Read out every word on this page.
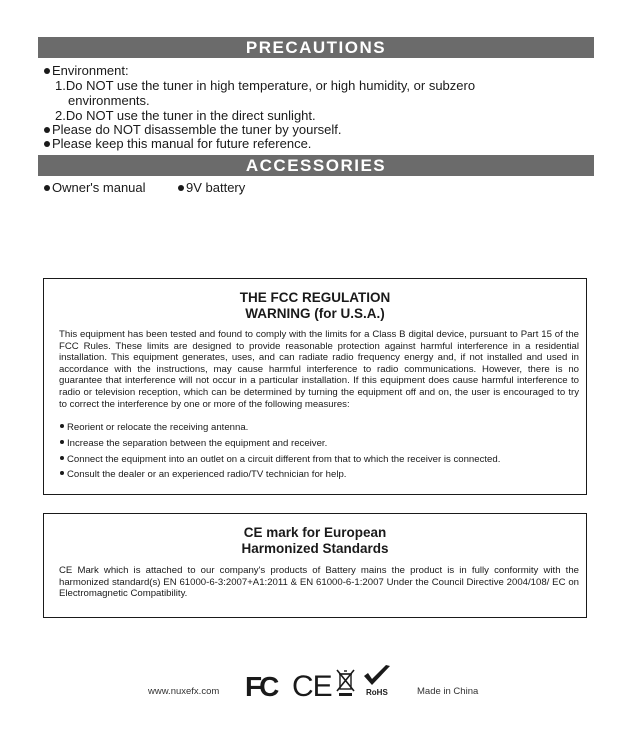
PRECAUTIONS
Environment:
1.Do NOT use the tuner in high temperature, or high humidity, or subzero
environments.
2.Do NOT use the tuner in the direct sunlight.
Please do NOT disassemble the tuner by yourself.
Please keep this manual for future reference.
ACCESSORIES
Owner's manual	9V battery
THE FCC REGULATION
WARNING (for U.S.A.)
This equipment has been tested and found to comply with the limits for a Class B digital device, pursuant to Part 15 of the FCC Rules. These limits are designed to provide reasonable protection against harmful interference in a residential installation. This equipment generates, uses, and can radiate radio frequency energy and, if not installed and used in accordance with the instructions, may cause harmful interference to radio communications. However, there is no guarantee that interference will not occur in a particular installation. If this equipment does cause harmful interference to radio or television reception, which can be determined by turning the equipment off and on, the user is encouraged to try to correct the interference by one or more of the following measures:
Reorient or relocate the receiving antenna.
Increase the separation between the equipment and receiver.
Connect the equipment into an outlet on a circuit different from that to which the receiver is connected.
Consult the dealer or an experienced radio/TV technician for help.
CE mark for European
Harmonized Standards
CE Mark which is attached to our company's products of Battery mains the product is in fully conformity with the harmonized standard(s) EN 61000-6-3:2007+A1:2011 & EN 61000-6-1:2007 Under the Council Directive 2004/108/ EC on Electromagnetic Compatibility.
www.nuxefx.com FC CE	RoHS	Made in China
